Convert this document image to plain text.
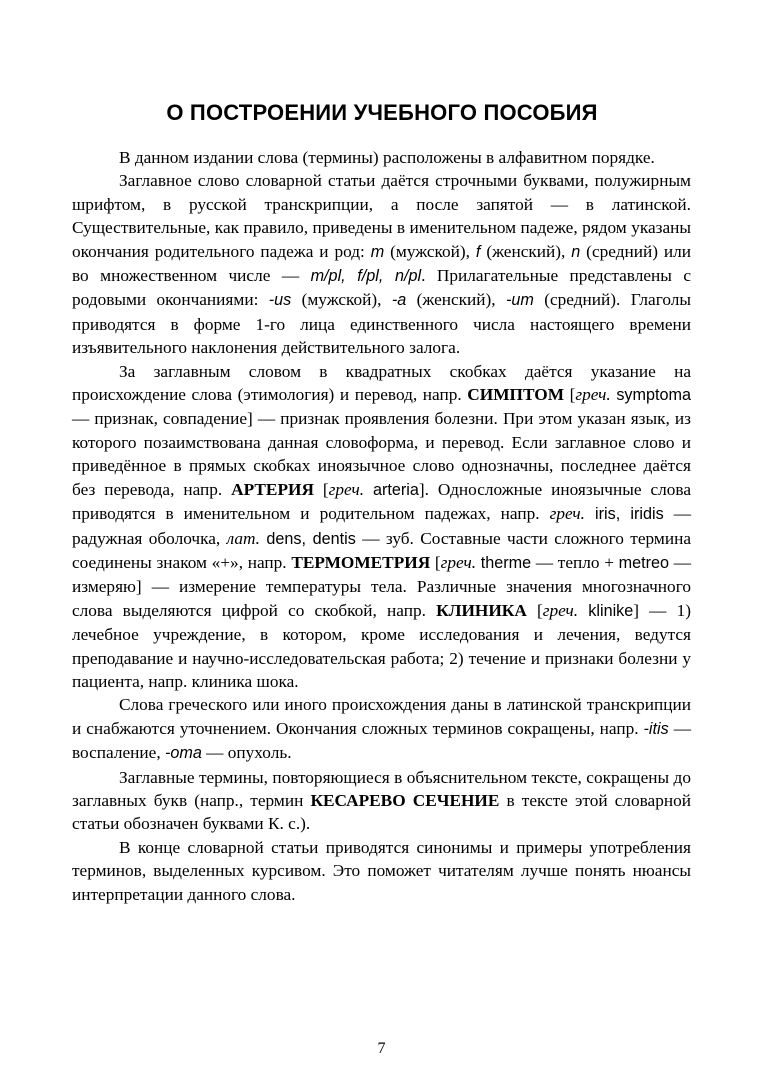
О ПОСТРОЕНИИ УЧЕБНОГО ПОСОБИЯ

В данном издании слова (термины) расположены в алфавитном порядке.

Заглавное слово словарной статьи даётся строчными буквами, полужирным шрифтом, в русской транскрипции, а после запятой — в латинской. Существительные, как правило, приведены в именительном падеже, рядом указаны окончания родительного падежа и род: m (мужской), f (женский), n (средний) или во множественном числе — m/pl, f/pl, n/pl. Прилагательные представлены с родовыми окончаниями: -us (мужской), -a (женский), -um (средний). Глаголы приводятся в форме 1-го лица единственного числа настоящего времени изъявительного наклонения действительного залога.

За заглавным словом в квадратных скобках даётся указание на происхождение слова (этимология) и перевод, напр. СИМПТОМ [греч. symptoma — признак, совпадение] — признак проявления болезни. При этом указан язык, из которого позаимствована данная словоформа, и перевод. Если заглавное слово и приведённое в прямых скобках иноязычное слово однозначны, последнее даётся без перевода, напр. АРТЕРИЯ [греч. arteria]. Односложные иноязычные слова приводятся в именительном и родительном падежах, напр. греч. iris, iridis — радужная оболочка, лат. dens, dentis — зуб. Составные части сложного термина соединены знаком «+», напр. ТЕРМОМЕТРИЯ [греч. therme — тепло + metreo — измеряю] — измерение температуры тела. Различные значения многозначного слова выделяются цифрой со скобкой, напр. КЛИНИКА [греч. klinike] — 1) лечебное учреждение, в котором, кроме исследования и лечения, ведутся преподавание и научно-исследовательская работа; 2) течение и признаки болезни у пациента, напр. клиника шока.

Слова греческого или иного происхождения даны в латинской транскрипции и снабжаются уточнением. Окончания сложных терминов сокращены, напр. -itis — воспаление, -oma — опухоль.

Заглавные термины, повторяющиеся в объяснительном тексте, сокращены до заглавных букв (напр., термин КЕСАРЕВО СЕЧЕНИЕ в тексте этой словарной статьи обозначен буквами К. с.).

В конце словарной статьи приводятся синонимы и примеры употребления терминов, выделенных курсивом. Это поможет читателям лучше понять нюансы интерпретации данного слова.

7
